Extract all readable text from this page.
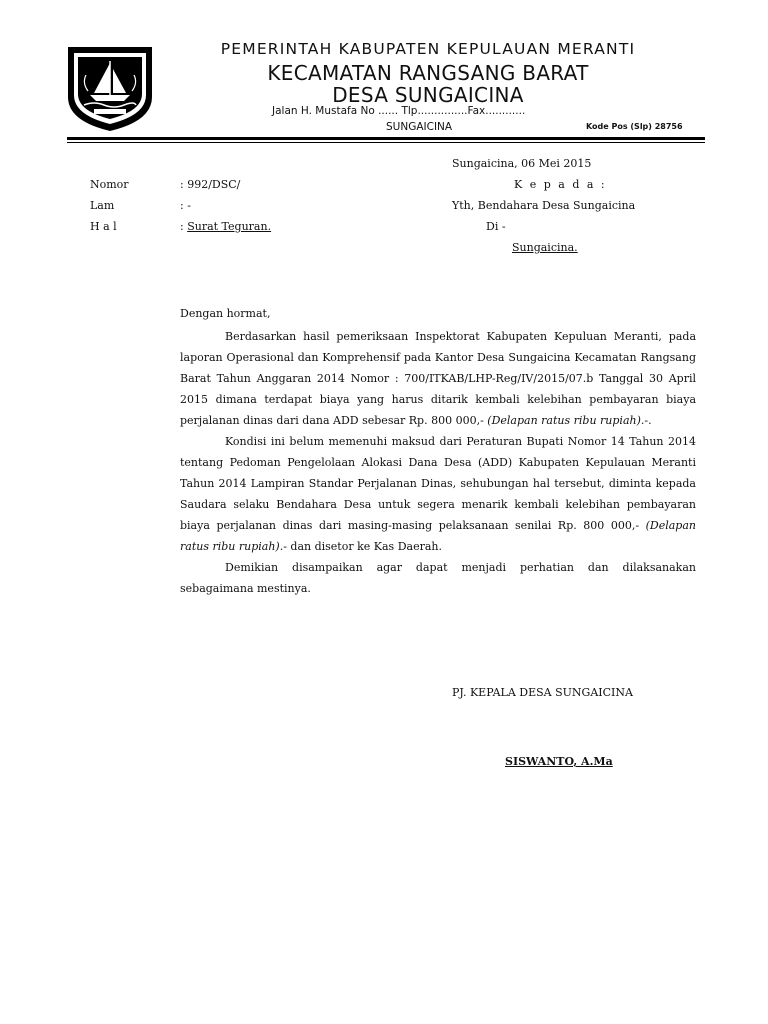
PEMERINTAH KABUPATEN KEPULAUAN MERANTI
KECAMATAN RANGSANG BARAT
DESA SUNGAICINA
Jalan H. Mustafa No ...... Tlp...............Fax............
SUNGAICINA	Kode Pos (Slp) 28756
Sungaicina, 06 Mei 2015
Nomor	: 992/DSC/
Lam	: -
H a l	: Surat Teguran.
K e p a d a :
Yth, Bendahara Desa Sungaicina
Di -
Sungaicina.
Dengan hormat,

Berdasarkan hasil pemeriksaan Inspektorat Kabupaten Kepuluan Meranti, pada laporan Operasional dan Komprehensif pada Kantor Desa Sungaicina Kecamatan Rangsang Barat Tahun Anggaran 2014 Nomor : 700/ITKAB/LHP-Reg/IV/2015/07.b Tanggal 30 April 2015 dimana terdapat biaya yang harus ditarik kembali kelebihan pembayaran biaya perjalanan dinas dari dana ADD sebesar Rp. 800 000,- (Delapan ratus ribu rupiah).-.

Kondisi ini belum memenuhi maksud dari Peraturan Bupati Nomor 14 Tahun 2014 tentang Pedoman Pengelolaan Alokasi Dana Desa (ADD) Kabupaten Kepulauan Meranti Tahun 2014 Lampiran Standar Perjalanan Dinas, sehubungan hal tersebut, diminta kepada Saudara selaku Bendahara Desa untuk segera menarik kembali kelebihan pembayaran biaya perjalanan dinas dari masing-masing pelaksanaan senilai Rp. 800 000,- (Delapan ratus ribu rupiah).- dan disetor ke Kas Daerah.

Demikian disampaikan agar dapat menjadi perhatian dan dilaksanakan sebagaimana mestinya.

PJ. KEPALA DESA SUNGAICINA
SISWANTO, A.Ma
